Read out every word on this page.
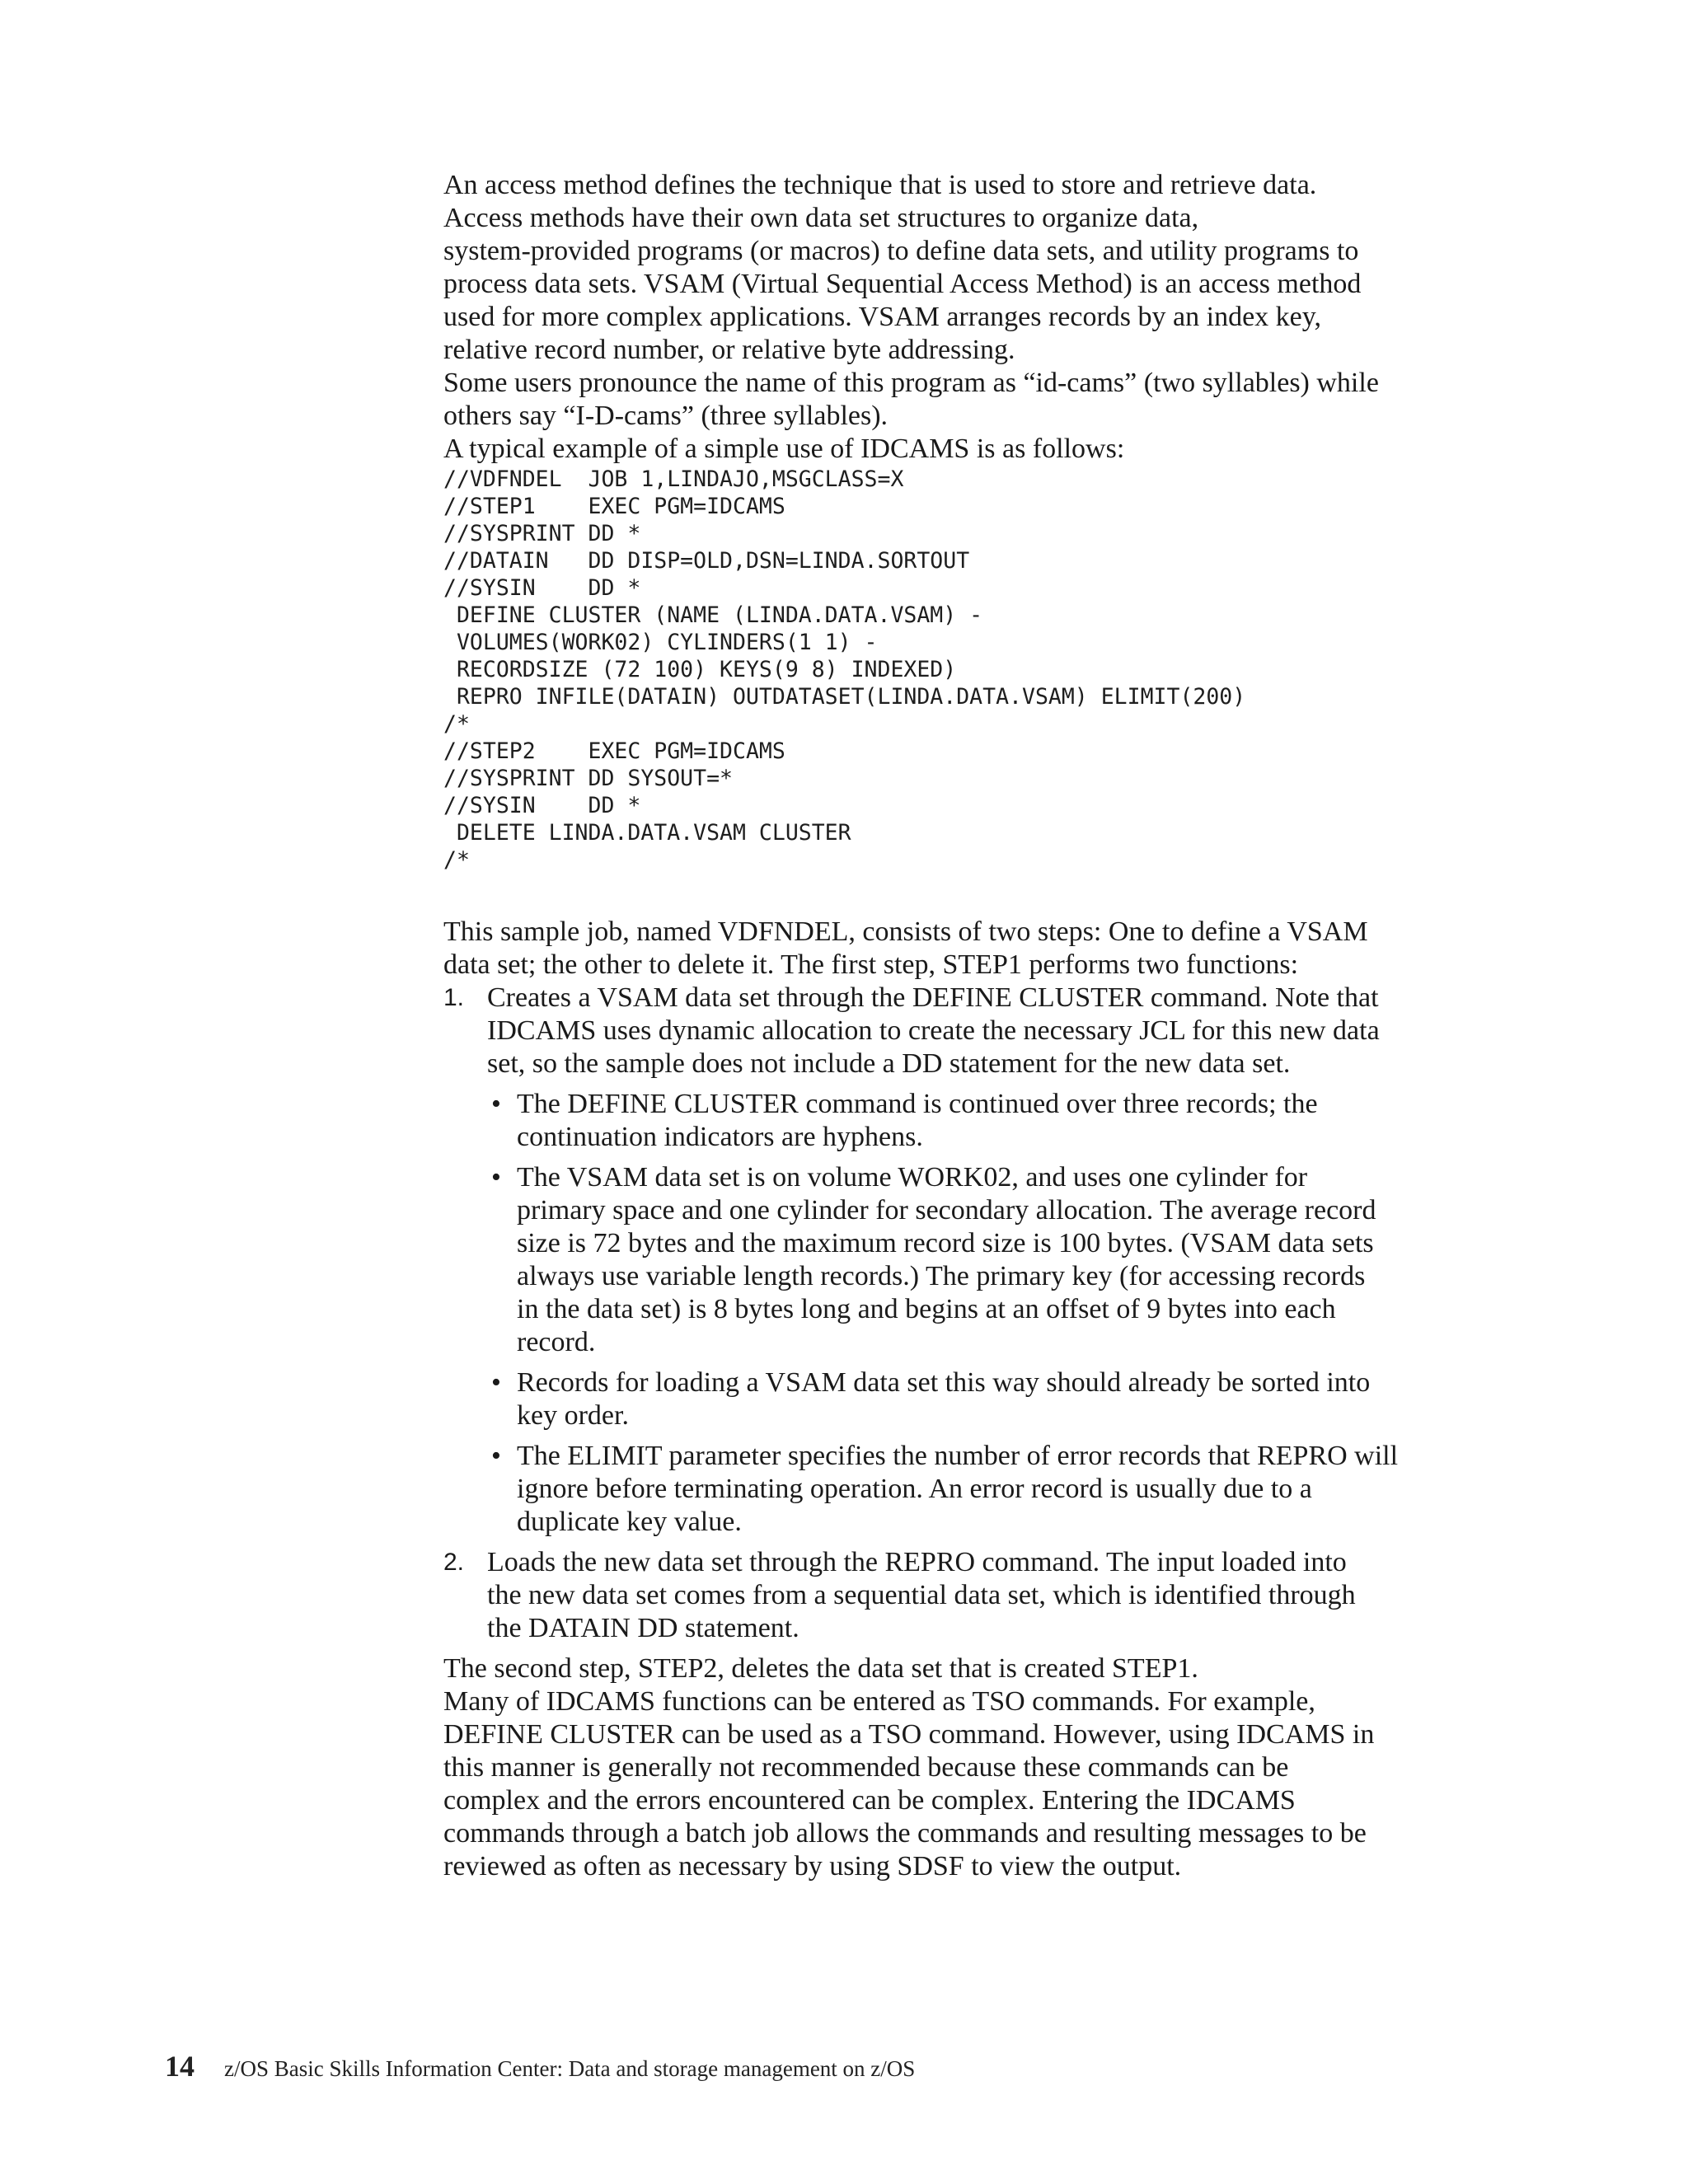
An access method defines the technique that is used to store and retrieve data.
Access methods have their own data set structures to organize data,
system-provided programs (or macros) to define data sets, and utility programs to
process data sets. VSAM (Virtual Sequential Access Method) is an access method
used for more complex applications. VSAM arranges records by an index key,
relative record number, or relative byte addressing.

Some users pronounce the name of this program as “id-cams” (two syllables) while
others say “I-D-cams” (three syllables).

A typical example of a simple use of IDCAMS is as follows:

//VDFNDEL  JOB 1,LINDAJO,MSGCLASS=X
//STEP1    EXEC PGM=IDCAMS
//SYSPRINT DD *
//DATAIN   DD DISP=OLD,DSN=LINDA.SORTOUT
//SYSIN    DD *
DEFINE CLUSTER (NAME (LINDA.DATA.VSAM) -
VOLUMES(WORK02) CYLINDERS(1 1) -
RECORDSIZE (72 100) KEYS(9 8) INDEXED)
REPRO INFILE(DATAIN) OUTDATASET(LINDA.DATA.VSAM) ELIMIT(200)
/*
//STEP2    EXEC PGM=IDCAMS
//SYSPRINT DD SYSOUT=*
//SYSIN    DD *
DELETE LINDA.DATA.VSAM CLUSTER
/*

This sample job, named VDFNDEL, consists of two steps: One to define a VSAM
data set; the other to delete it. The first step, STEP1 performs two functions:

1. Creates a VSAM data set through the DEFINE CLUSTER command. Note that
IDCAMS uses dynamic allocation to create the necessary JCL for this new data
set, so the sample does not include a DD statement for the new data set.
• The DEFINE CLUSTER command is continued over three records; the
continuation indicators are hyphens.
• The VSAM data set is on volume WORK02, and uses one cylinder for
primary space and one cylinder for secondary allocation. The average record
size is 72 bytes and the maximum record size is 100 bytes. (VSAM data sets
always use variable length records.) The primary key (for accessing records
in the data set) is 8 bytes long and begins at an offset of 9 bytes into each
record.
• Records for loading a VSAM data set this way should already be sorted into
key order.
• The ELIMIT parameter specifies the number of error records that REPRO will
ignore before terminating operation. An error record is usually due to a
duplicate key value.
2. Loads the new data set through the REPRO command. The input loaded into
the new data set comes from a sequential data set, which is identified through
the DATAIN DD statement.

The second step, STEP2, deletes the data set that is created STEP1.

Many of IDCAMS functions can be entered as TSO commands. For example,
DEFINE CLUSTER can be used as a TSO command. However, using IDCAMS in
this manner is generally not recommended because these commands can be
complex and the errors encountered can be complex. Entering the IDCAMS
commands through a batch job allows the commands and resulting messages to be
reviewed as often as necessary by using SDSF to view the output.

14	z/OS Basic Skills Information Center: Data and storage management on z/OS
